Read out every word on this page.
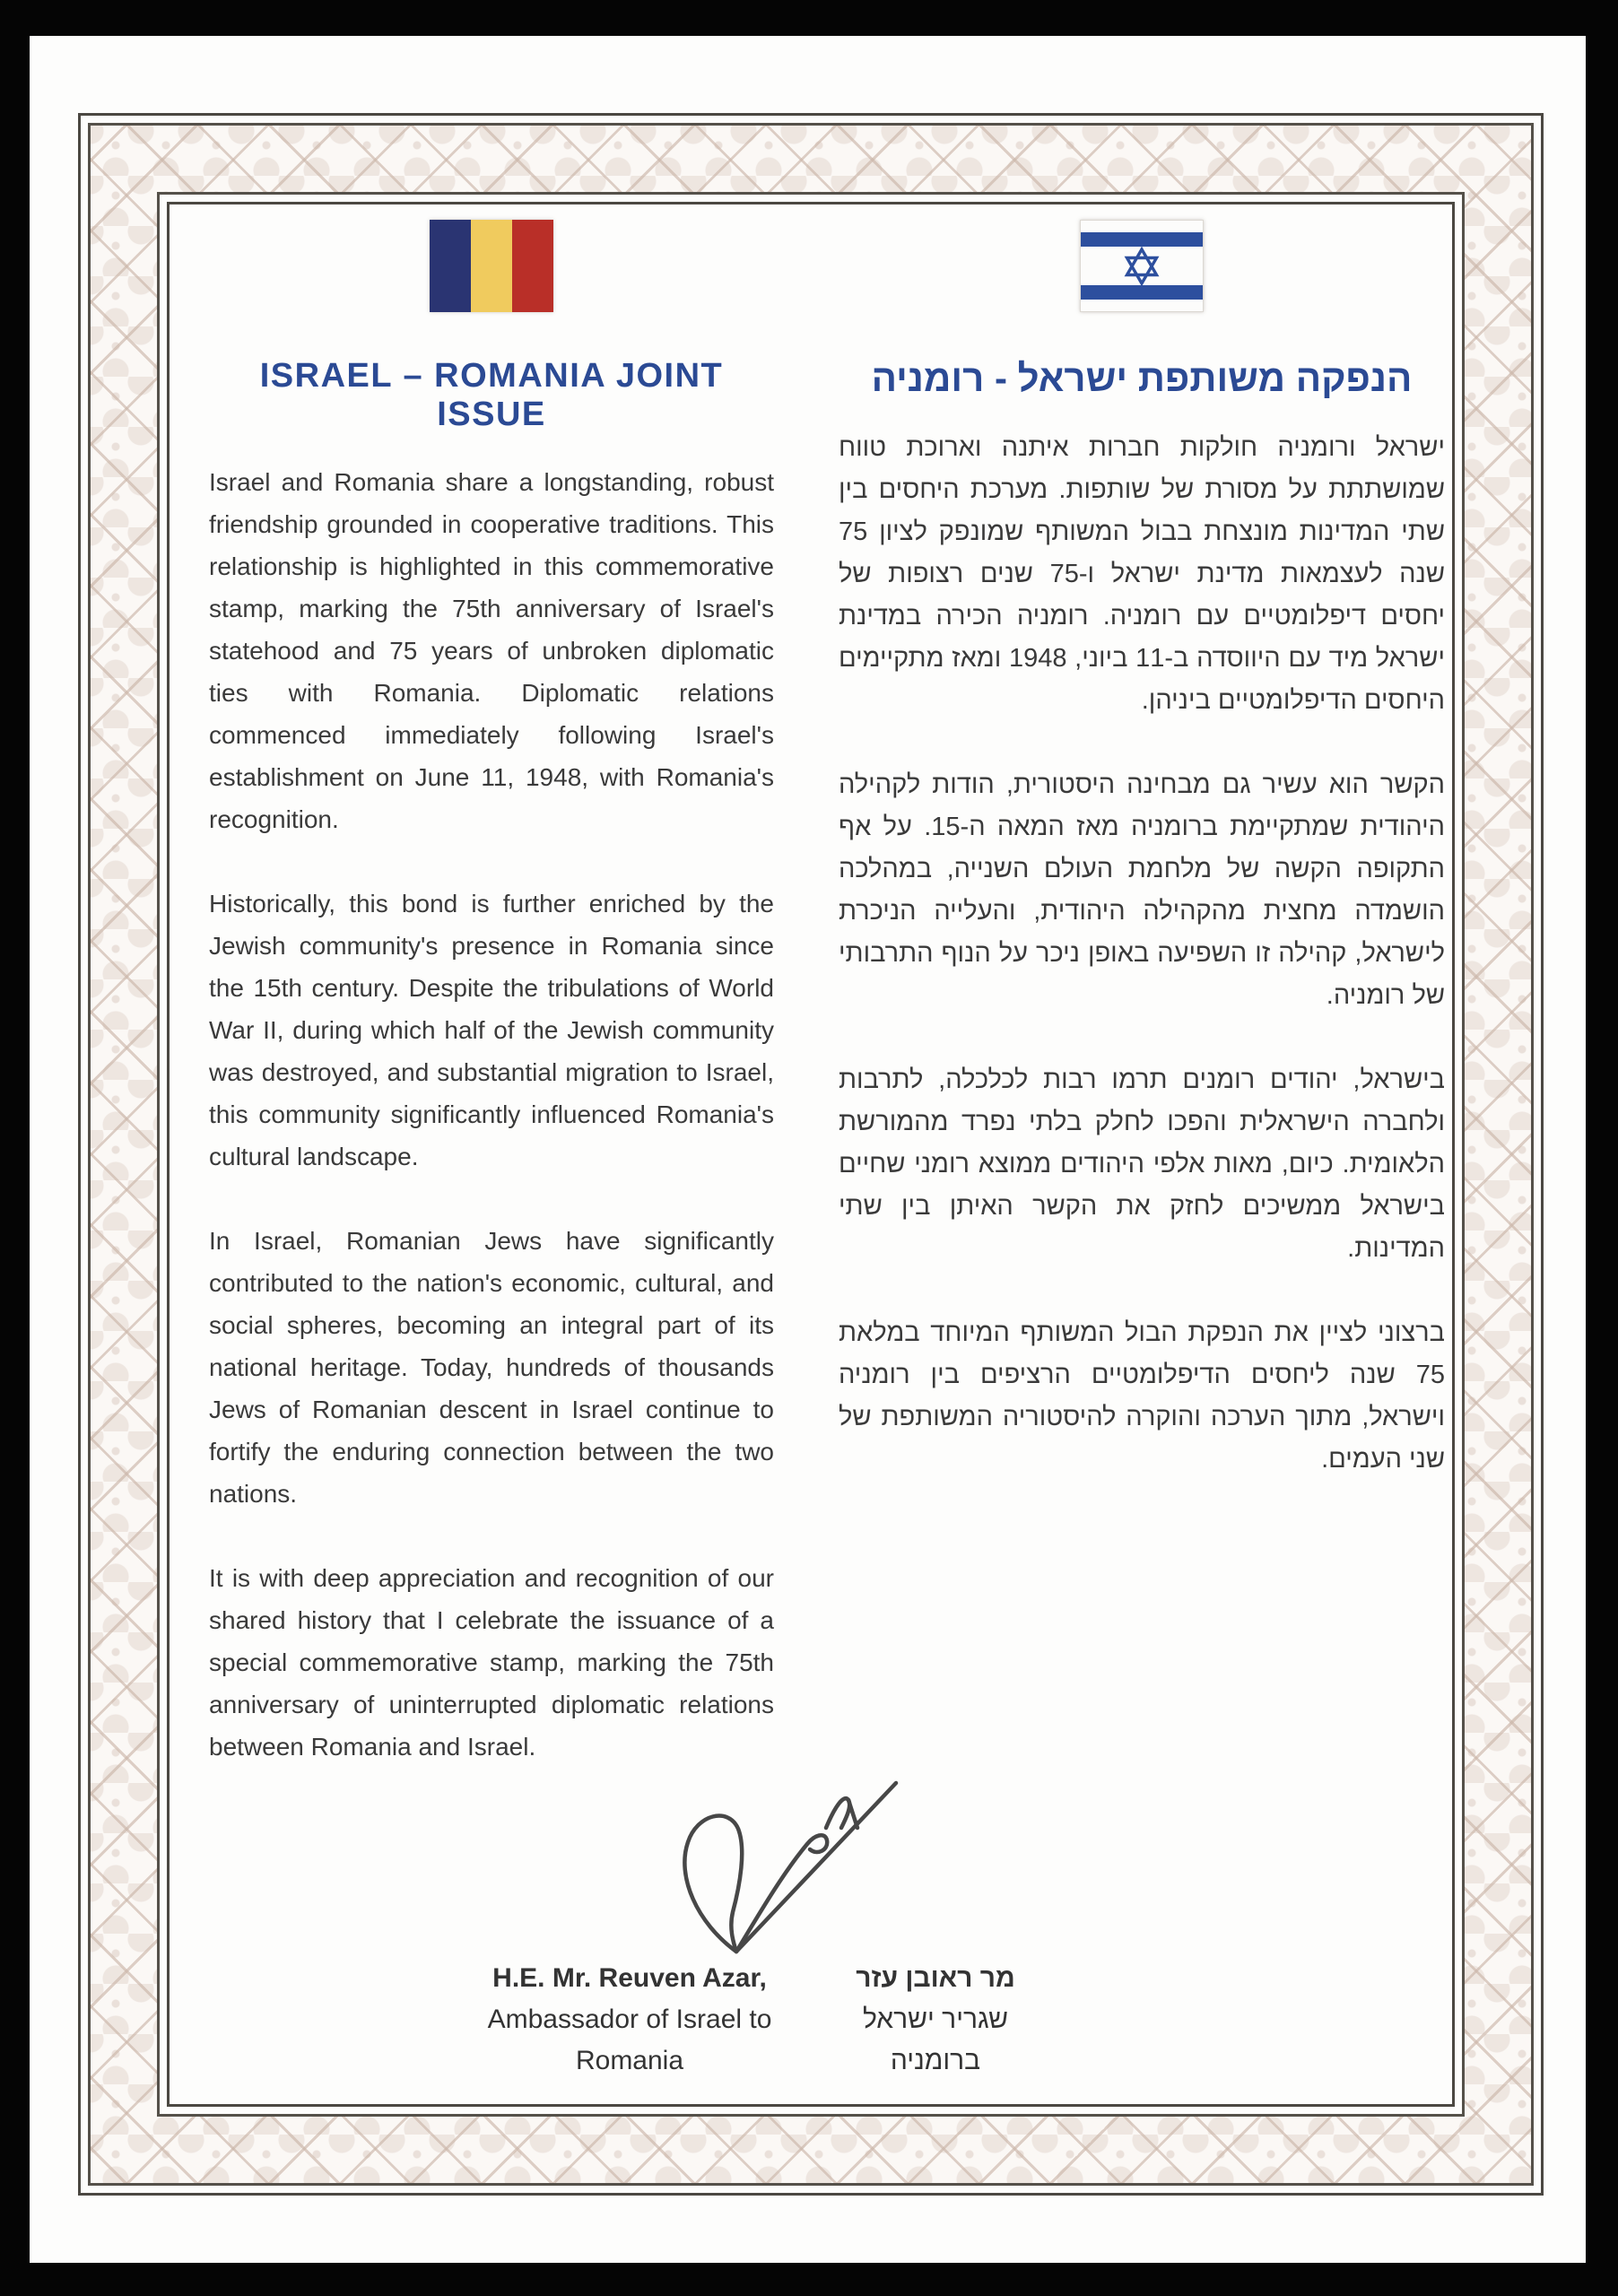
ISRAEL – ROMANIA JOINT ISSUE

Israel and Romania share a longstanding, robust friendship grounded in cooperative traditions. This relationship is highlighted in this commemorative stamp, marking the 75th anniversary of Israel's statehood and 75 years of unbroken diplomatic ties with Romania. Diplomatic relations commenced immediately following Israel's establishment on June 11, 1948, with Romania's recognition.

Historically, this bond is further enriched by the Jewish community's presence in Romania since the 15th century. Despite the tribulations of World War II, during which half of the Jewish community was destroyed, and substantial migration to Israel, this community significantly influenced Romania's cultural landscape.

In Israel, Romanian Jews have significantly contributed to the nation's economic, cultural, and social spheres, becoming an integral part of its national heritage. Today, hundreds of thousands Jews of Romanian descent in Israel continue to fortify the enduring connection between the two nations.

It is with deep appreciation and recognition of our shared history that I celebrate the issuance of a special commemorative stamp, marking the 75th anniversary of uninterrupted diplomatic relations between Romania and Israel.

הנפקה משותפת ישראל - רומניה

ישראל ורומניה חולקות חברות איתנה וארוכת טווח שמושתתת על מסורת של שותפות. מערכת היחסים בין שתי המדינות מונצחת בבול המשותף שמונפק לציון 75 שנה לעצמאות מדינת ישראל ו-75 שנים רצופות של יחסים דיפלומטיים עם רומניה. רומניה הכירה במדינת ישראל מיד עם היווסדה ב-11 ביוני, 1948 ומאז מתקיימים היחסים הדיפלומטיים ביניהן.

הקשר הוא עשיר גם מבחינה היסטורית, הודות לקהילה היהודית שמתקיימת ברומניה מאז המאה ה-15. על אף התקופה הקשה של מלחמת העולם השנייה, במהלכה הושמדה מחצית מהקהילה היהודית, והעלייה הניכרת לישראל, קהילה זו השפיעה באופן ניכר על הנוף התרבותי של רומניה.

בישראל, יהודים רומנים תרמו רבות לכלכלה, לתרבות ולחברה הישראלית והפכו לחלק בלתי נפרד מהמורשת הלאומית. כיום, מאות אלפי היהודים ממוצא רומני שחיים בישראל ממשיכים לחזק את הקשר האיתן בין שתי המדינות.

ברצוני לציין את הנפקת הבול המשותף המיוחד במלאת 75 שנה ליחסים הדיפלומטיים הרציפים בין רומניה וישראל, מתוך הערכה והוקרה להיסטוריה המשותפת של שני העמים.

H.E. Mr. Reuven Azar,
Ambassador of Israel to
Romania
מר ראובן עזר
שגריר ישראל
ברומניה
